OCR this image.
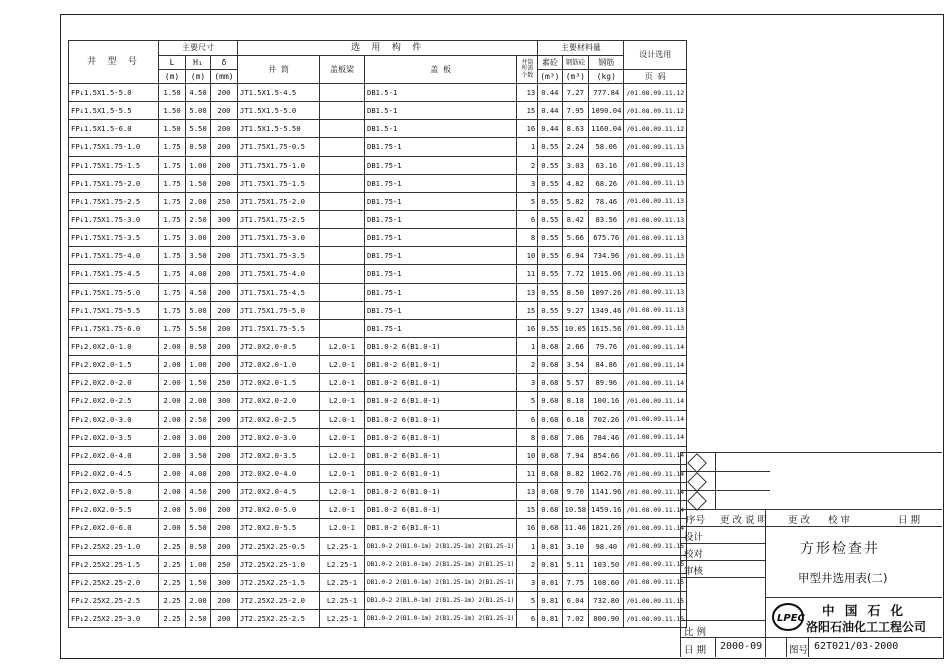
井 型 号	主要尺寸			选 用 构 件				主要材料量			设计选用
	L	H₁	δ	井 筒	盖板梁	盖 板	井筒所需个数	素砼	钢筋砼	钢筋	
	(m)	(m)	(mm)					(m³)	(m³)	(kg)	页 码
FP↓1.5X1.5-5.0	1.50	4.50	200	JT1.5X1.5-4.5		DB1.5-1	13	0.44	7.27	777.84	/01.08.09.11.12
FP↓1.5X1.5-5.5	1.50	5.00	200	JT1.5X1.5-5.0		DB1.5-1	15	0.44	7.95	1090.04	/01.08.09.11.12
FP↓1.5X1.5-6.0	1.50	5.50	200	JT1.5X1.5-5.50		DB1.5-1	16	0.44	8.63	1160.04	/01.08.09.11.12
FP↓1.75X1.75-1.0	1.75	0.50	200	JT1.75X1.75-0.5		DB1.75-1	1	0.55	2.24	58.06	/01.08.09.11.13
FP↓1.75X1.75-1.5	1.75	1.00	200	JT1.75X1.75-1.0		DB1.75-1	2	0.55	3.03	63.16	/01.08.09.11.13
FP↓1.75X1.75-2.0	1.75	1.50	200	JT1.75X1.75-1.5		DB1.75-1	3	0.55	4.82	68.26	/01.08.09.11.13
FP↓1.75X1.75-2.5	1.75	2.00	250	JT1.75X1.75-2.0		DB1.75-1	5	0.55	5.82	78.46	/01.08.09.11.13
FP↓1.75X1.75-3.0	1.75	2.50	300	JT1.75X1.75-2.5		DB1.75-1	6	0.55	8.42	83.56	/01.08.09.11.13
FP↓1.75X1.75-3.5	1.75	3.00	200	JT1.75X1.75-3.0		DB1.75-1	8	0.55	5.66	675.76	/01.08.09.11.13
FP↓1.75X1.75-4.0	1.75	3.50	200	JT1.75X1.75-3.5		DB1.75-1	10	0.55	6.94	734.96	/01.08.09.11.13
FP↓1.75X1.75-4.5	1.75	4.00	200	JT1.75X1.75-4.0		DB1.75-1	11	0.55	7.72	1015.06	/01.08.09.11.13
FP↓1.75X1.75-5.0	1.75	4.50	200	JT1.75X1.75-4.5		DB1.75-1	13	0.55	8.50	1097.26	/01.08.09.11.13
FP↓1.75X1.75-5.5	1.75	5.00	200	JT1.75X1.75-5.0		DB1.75-1	15	0.55	9.27	1349.46	/01.08.09.11.13
FP↓1.75X1.75-6.0	1.75	5.50	200	JT1.75X1.75-5.5		DB1.75-1	16	0.55	10.05	1615.56	/01.08.09.11.13
FP↓2.0X2.0-1.0	2.00	0.50	200	JT2.0X2.0-0.5	L2.0-1	DB1.0-2 6(B1.0-1)	1	0.68	2.66	79.76	/01.08.09.11.14
FP↓2.0X2.0-1.5	2.00	1.00	200	JT2.0X2.0-1.0	L2.0-1	DB1.0-2 6(B1.0-1)	2	0.68	3.54	84.86	/01.08.09.11.14
FP↓2.0X2.0-2.0	2.00	1.50	250	JT2.0X2.0-1.5	L2.0-1	DB1.0-2 6(B1.0-1)	3	0.68	5.57	89.96	/01.08.09.11.14
FP↓2.0X2.0-2.5	2.00	2.00	300	JT2.0X2.0-2.0	L2.0-1	DB1.0-2 6(B1.0-1)	5	0.68	8.18	100.16	/01.08.09.11.14
FP↓2.0X2.0-3.0	2.00	2.50	200	JT2.0X2.0-2.5	L2.0-1	DB1.0-2 6(B1.0-1)	6	0.68	6.18	702.26	/01.08.09.11.14
FP↓2.0X2.0-3.5	2.00	3.00	200	JT2.0X2.0-3.0	L2.0-1	DB1.0-2 6(B1.0-1)	8	0.68	7.06	784.46	/01.08.09.11.14
FP↓2.0X2.0-4.0	2.00	3.50	200	JT2.0X2.0-3.5	L2.0-1	DB1.0-2 6(B1.0-1)	10	0.68	7.94	854.66	/01.08.09.11.14
FP↓2.0X2.0-4.5	2.00	4.00	200	JT2.0X2.0-4.0	L2.0-1	DB1.0-2 6(B1.0-1)	11	0.68	8.82	1062.76	/01.08.09.11.14
FP↓2.0X2.0-5.0	2.00	4.50	200	JT2.0X2.0-4.5	L2.0-1	DB1.0-2 6(B1.0-1)	13	0.68	9.70	1141.96	/01.08.09.11.14
FP↓2.0X2.0-5.5	2.00	5.00	200	JT2.0X2.0-5.0	L2.0-1	DB1.0-2 6(B1.0-1)	15	0.68	10.58	1459.16	/01.08.09.11.14
FP↓2.0X2.0-6.0	2.00	5.50	200	JT2.0X2.0-5.5	L2.0-1	DB1.0-2 6(B1.0-1)	16	0.68	11.46	1821.26	/01.08.09.11.14
FP↓2.25X2.25-1.0	2.25	0.50	200	JT2.25X2.25-0.5	L2.25-1	DB1.0-2 2(B1.0-1m) 2(B1.25-1m) 2(B1.25-1)	1	0.81	3.10	98.40	/01.08.09.11.15
FP↓2.25X2.25-1.5	2.25	1.00	250	JT2.25X2.25-1.0	L2.25-1	DB1.0-2 2(B1.0-1m) 2(B1.25-1m) 2(B1.25-1)	2	0.81	5.11	103.50	/01.08.09.11.15
FP↓2.25X2.25-2.0	2.25	1.50	300	JT2.25X2.25-1.5	L2.25-1	DB1.0-2 2(B1.0-1m) 2(B1.25-1m) 2(B1.25-1)	3	0.81	7.75	108.60	/01.08.09.11.15
FP↓2.25X2.25-2.5	2.25	2.00	200	JT2.25X2.25-2.0	L2.25-1	DB1.0-2 2(B1.0-1m) 2(B1.25-1m) 2(B1.25-1)	5	0.81	6.04	732.80	/01.08.09.11.15
FP↓2.25X2.25-3.0	2.25	2.50	200	JT2.25X2.25-2.5	L2.25-1	DB1.0-2 2(B1.0-1m) 2(B1.25-1m) 2(B1.25-1)	6	0.81	7.02	800.90	/01.08.09.11.15
序号 更 改 说 明 更 改 校 审	日 期
设计
校对
审核
比 例
日 期 2000-09	图号 62T021/03-2000
方形检查井
甲型井选用表(二)
LPEC
中 国 石 化
洛阳石油化工工程公司
